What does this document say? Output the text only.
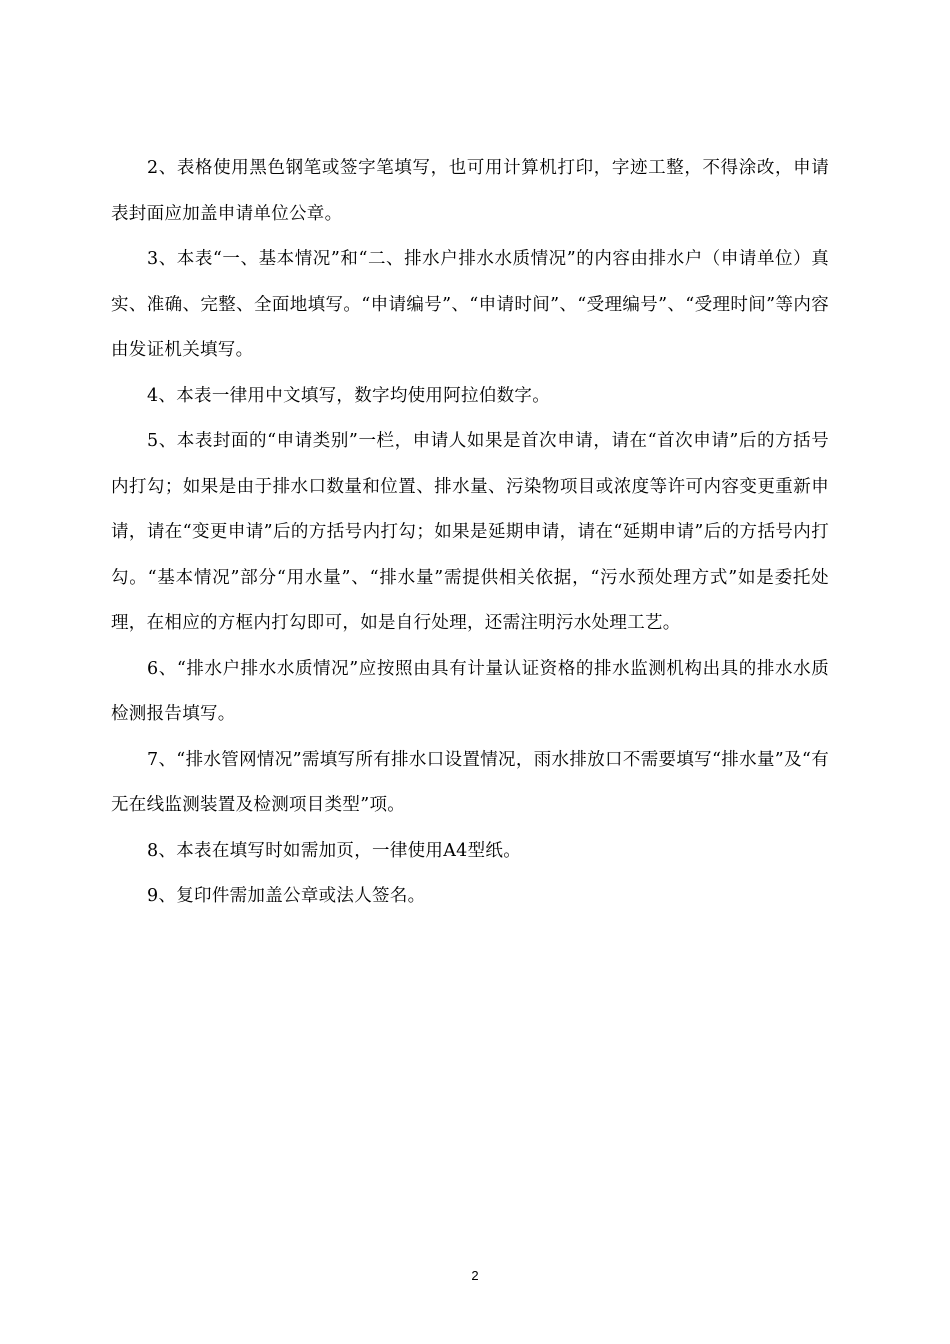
2、表格使用黑色钢笔或签字笔填写，也可用计算机打印，字迹工整，不得涂改，申请表封面应加盖申请单位公章。

3、本表“一、基本情况”和“二、排水户排水水质情况”的内容由排水户（申请单位）真实、准确、完整、全面地填写。“申请编号”、“申请时间”、“受理编号”、“受理时间”等内容由发证机关填写。

4、本表一律用中文填写，数字均使用阿拉伯数字。

5、本表封面的“申请类别”一栏，申请人如果是首次申请，请在“首次申请”后的方括号内打勾；如果是由于排水口数量和位置、排水量、污染物项目或浓度等许可内容变更重新申请，请在“变更申请”后的方括号内打勾；如果是延期申请，请在“延期申请”后的方括号内打勾。“基本情况”部分“用水量”、“排水量”需提供相关依据，“污水预处理方式”如是委托处理，在相应的方框内打勾即可，如是自行处理，还需注明污水处理工艺。

6、“排水户排水水质情况”应按照由具有计量认证资格的排水监测机构出具的排水水质检测报告填写。

7、“排水管网情况”需填写所有排水口设置情况，雨水排放口不需要填写“排水量”及“有无在线监测装置及检测项目类型”项。

8、本表在填写时如需加页，一律使用A4型纸。

9、复印件需加盖公章或法人签名。

2
